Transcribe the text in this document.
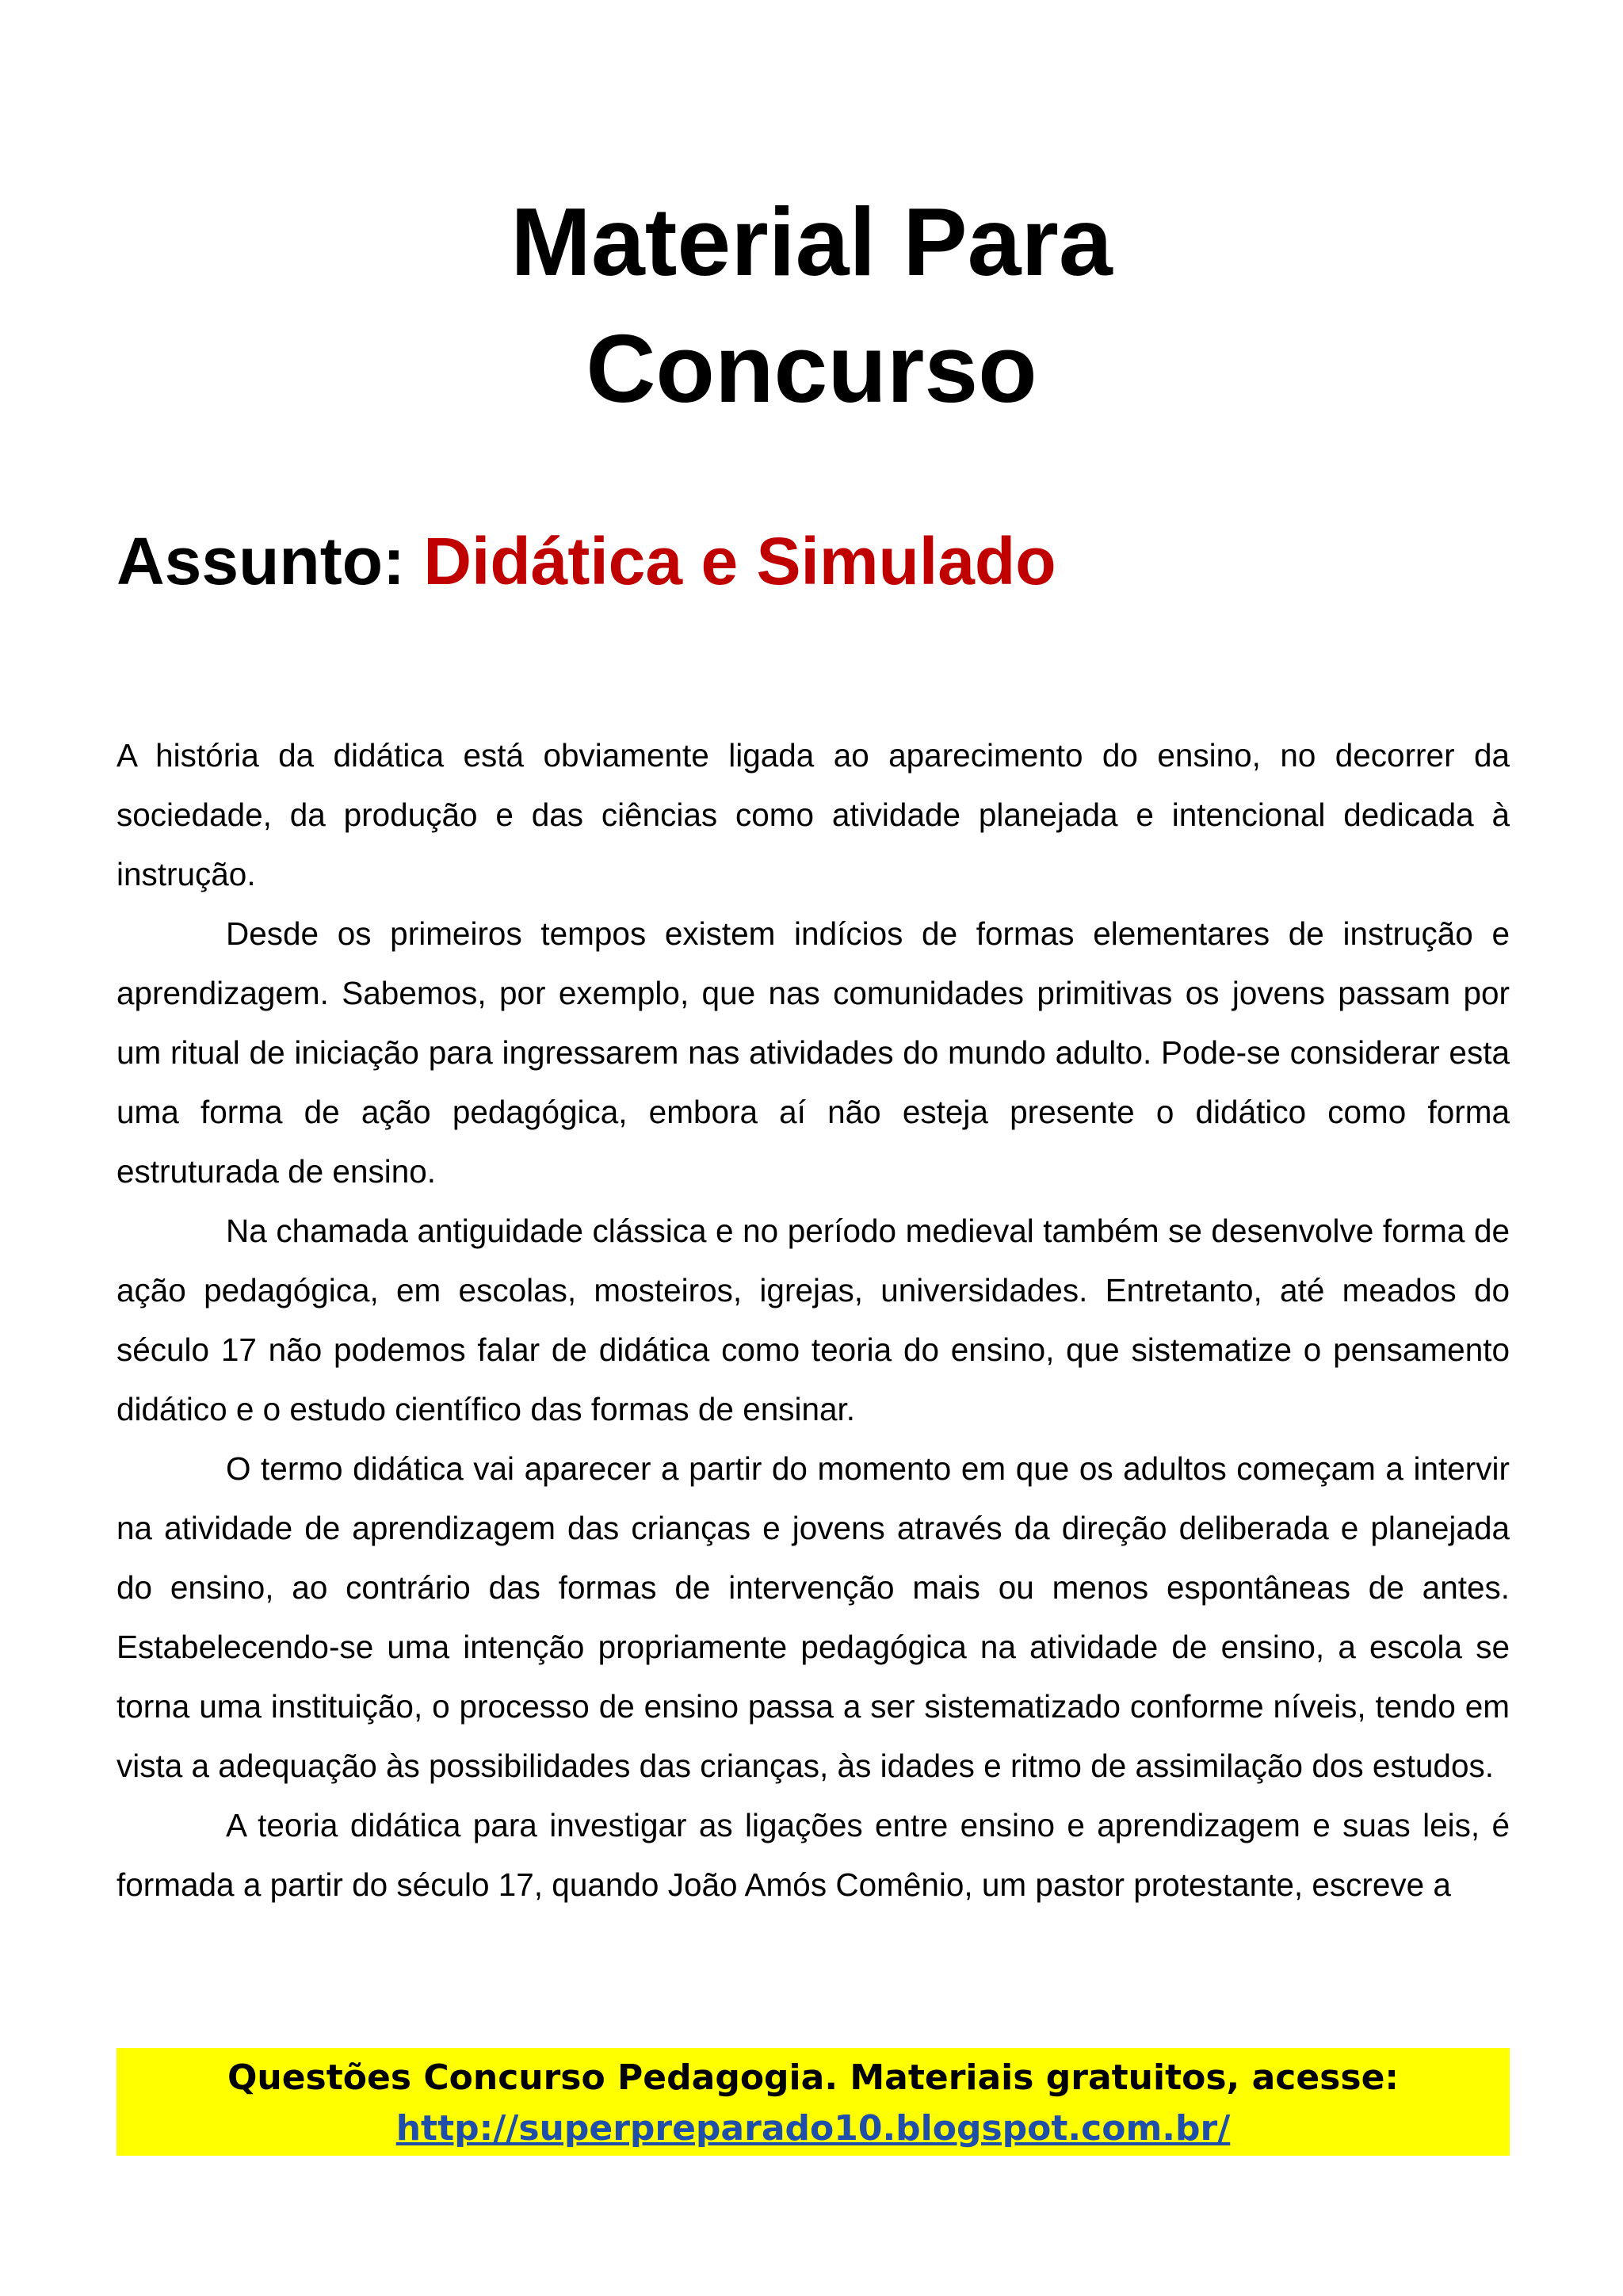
Material Para
Concurso
Assunto: Didática e Simulado

A história da didática está obviamente ligada ao aparecimento do ensino, no decorrer da sociedade, da produção e das ciências como atividade planejada e intencional dedicada à instrução.

Desde os primeiros tempos existem indícios de formas elementares de instrução e aprendizagem. Sabemos, por exemplo, que nas comunidades primitivas os jovens passam por um ritual de iniciação para ingressarem nas atividades do mundo adulto. Pode-se considerar esta uma forma de ação pedagógica, embora aí não esteja presente o didático como forma estruturada de ensino.

Na chamada antiguidade clássica e no período medieval também se desenvolve forma de ação pedagógica, em escolas, mosteiros, igrejas, universidades. Entretanto, até meados do século 17 não podemos falar de didática como teoria do ensino, que sistematize o pensamento didático e o estudo científico das formas de ensinar.

O termo didática vai aparecer a partir do momento em que os adultos começam a intervir na atividade de aprendizagem das crianças e jovens através da direção deliberada e planejada do ensino, ao contrário das formas de intervenção mais ou menos espontâneas de antes. Estabelecendo-se uma intenção propriamente pedagógica na atividade de ensino, a escola se torna uma instituição, o processo de ensino passa a ser sistematizado conforme níveis, tendo em vista a adequação às possibilidades das crianças, às idades e ritmo de assimilação dos estudos.

A teoria didática para investigar as ligações entre ensino e aprendizagem e suas leis, é formada a partir do século 17, quando João Amós Comênio, um pastor protestante, escreve a

Questões Concurso Pedagogia. Materiais gratuitos, acesse:
http://superpreparado10.blogspot.com.br/
